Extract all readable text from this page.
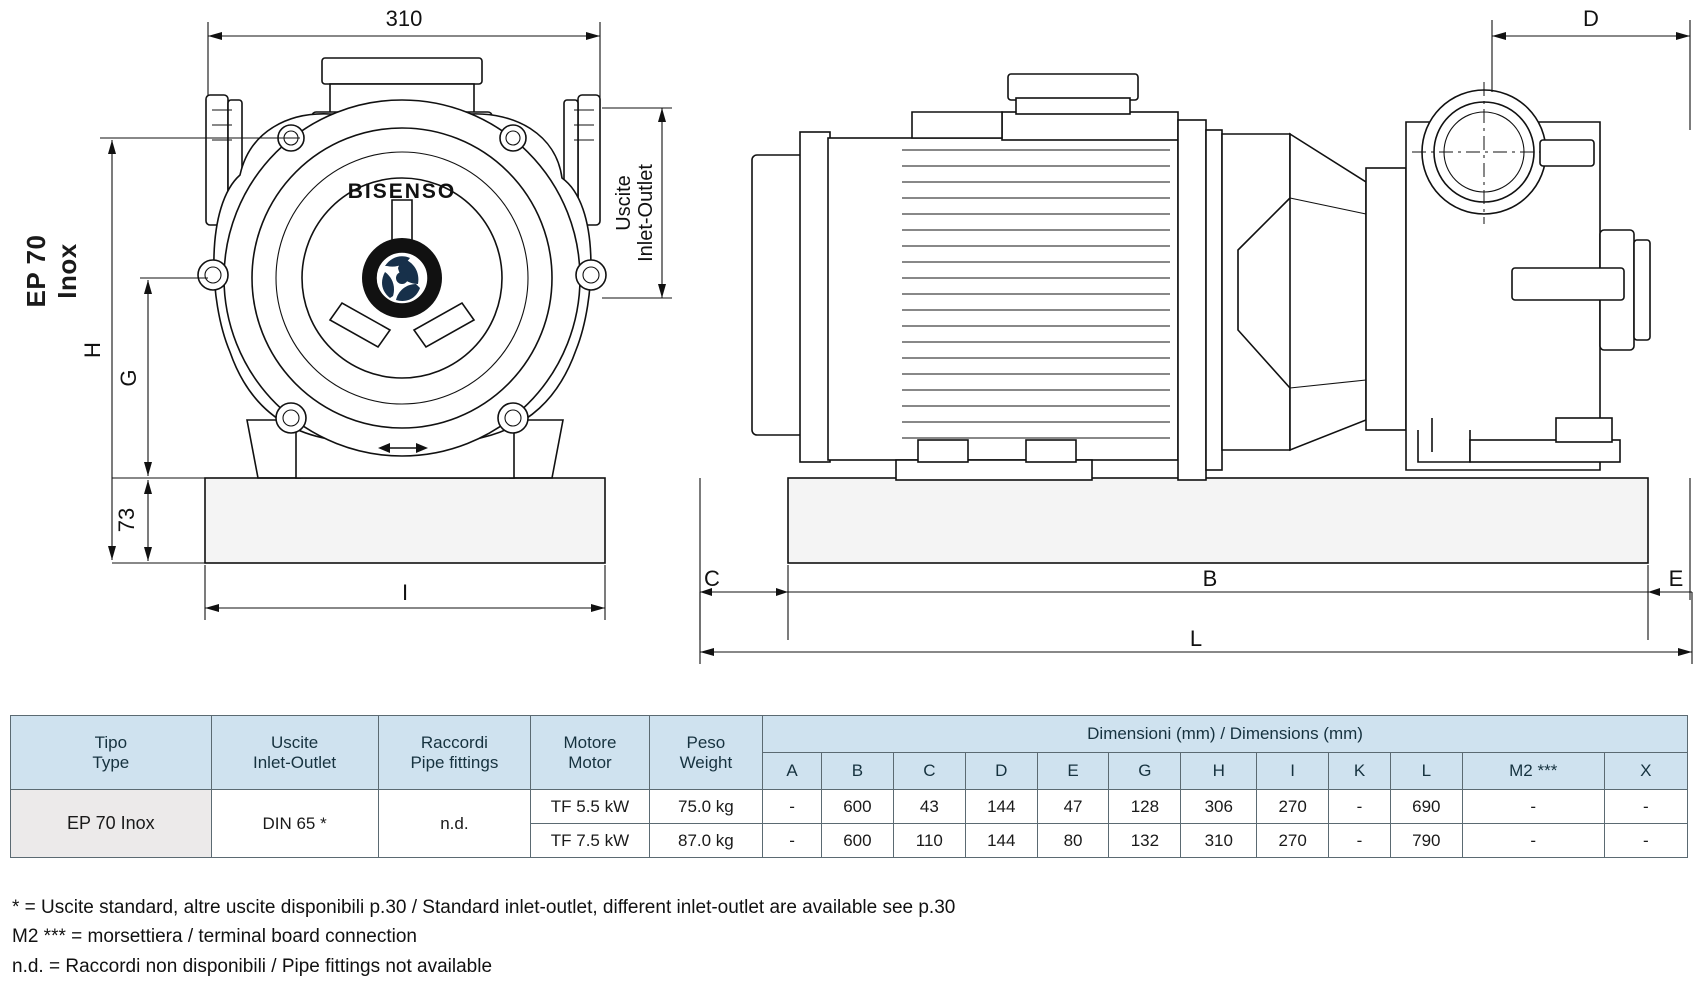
EP 70 Inox
310
BISENSO	Uscite Inlet-Outlet
H
G
73
I
C	B	E
L
D
Tipo
Type

Uscite
Inlet-Outlet

Raccordi
Pipe fittings

Motore
Motor

Peso
Weight
	Dimensioni (mm) / Dimensions (mm)
					A	B	C	D	E	G	H	I	K	L	M2 ***	X
EP 70 Inox	DIN 65 *	n.d.	TF 5.5 kW	75.0 kg	-	600	43	144	47	128	306	270	-	690	-	-
			TF 7.5 kW	87.0 kg	-	600	110	144	80	132	310	270	-	790	-	-
* = Uscite standard, altre uscite disponibili p.30 / Standard inlet-outlet, different inlet-outlet are available see p.30
M2 *** = morsettiera / terminal board connection
n.d. = Raccordi non disponibili / Pipe fittings not available
